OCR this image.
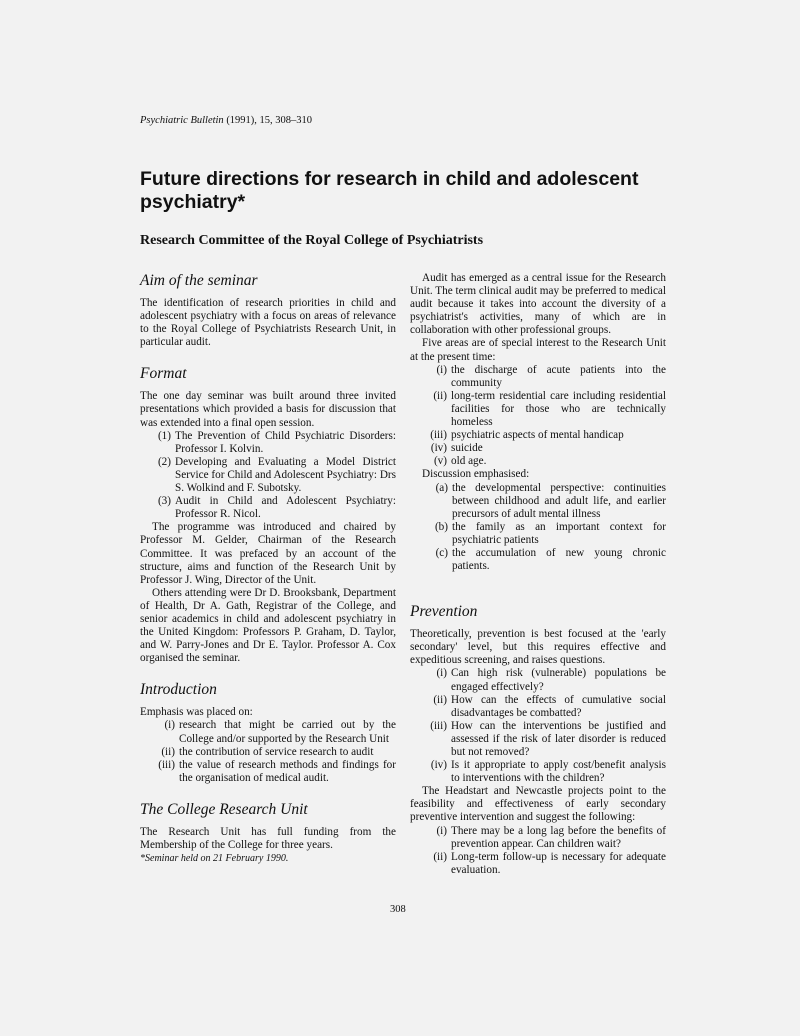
Psychiatric Bulletin (1991), 15, 308–310
Future directions for research in child and adolescent psychiatry*
Research Committee of the Royal College of Psychiatrists
Aim of the seminar

The identification of research priorities in child and adolescent psychiatry with a focus on areas of relevance to the Royal College of Psychiatrists Research Unit, in particular audit.

Format

The one day seminar was built around three invited presentations which provided a basis for discussion that was extended into a final open session.

(1) The Prevention of Child Psychiatric Disorders: Professor I. Kolvin.
(2) Developing and Evaluating a Model District Service for Child and Adolescent Psychiatry: Drs S. Wolkind and F. Subotsky.
(3) Audit in Child and Adolescent Psychiatry: Professor R. Nicol.

The programme was introduced and chaired by Professor M. Gelder, Chairman of the Research Committee. It was prefaced by an account of the structure, aims and function of the Research Unit by Professor J. Wing, Director of the Unit.

Others attending were Dr D. Brooksbank, Department of Health, Dr A. Gath, Registrar of the College, and senior academics in child and adolescent psychiatry in the United Kingdom: Professors P. Graham, D. Taylor, and W. Parry-Jones and Dr E. Taylor. Professor A. Cox organised the seminar.

Introduction

Emphasis was placed on:

(i) research that might be carried out by the College and/or supported by the Research Unit
(ii) the contribution of service research to audit
(iii) the value of research methods and findings for the organisation of medical audit.
The College Research Unit

The Research Unit has full funding from the Membership of the College for three years.

*Seminar held on 21 February 1990.

Audit has emerged as a central issue for the Research Unit. The term clinical audit may be preferred to medical audit because it takes into account the diversity of a psychiatrist's activities, many of which are in collaboration with other professional groups.

Five areas are of special interest to the Research Unit at the present time:

(i) the discharge of acute patients into the community
(ii) long-term residential care including residential facilities for those who are technically homeless
(iii) psychiatric aspects of mental handicap
(iv) suicide
(v) old age.

Discussion emphasised:

(a) the developmental perspective: continuities between childhood and adult life, and earlier precursors of adult mental illness
(b) the family as an important context for psychiatric patients
(c) the accumulation of new young chronic patients.
Prevention

Theoretically, prevention is best focused at the 'early secondary' level, but this requires effective and expeditious screening, and raises questions.

(i) Can high risk (vulnerable) populations be engaged effectively?
(ii) How can the effects of cumulative social disadvantages be combatted?
(iii) How can the interventions be justified and assessed if the risk of later disorder is reduced but not removed?
(iv) Is it appropriate to apply cost/benefit analysis to interventions with the children?

The Headstart and Newcastle projects point to the feasibility and effectiveness of early secondary preventive intervention and suggest the following:

(i) There may be a long lag before the benefits of prevention appear. Can children wait?
(ii) Long-term follow-up is necessary for adequate evaluation.
308
